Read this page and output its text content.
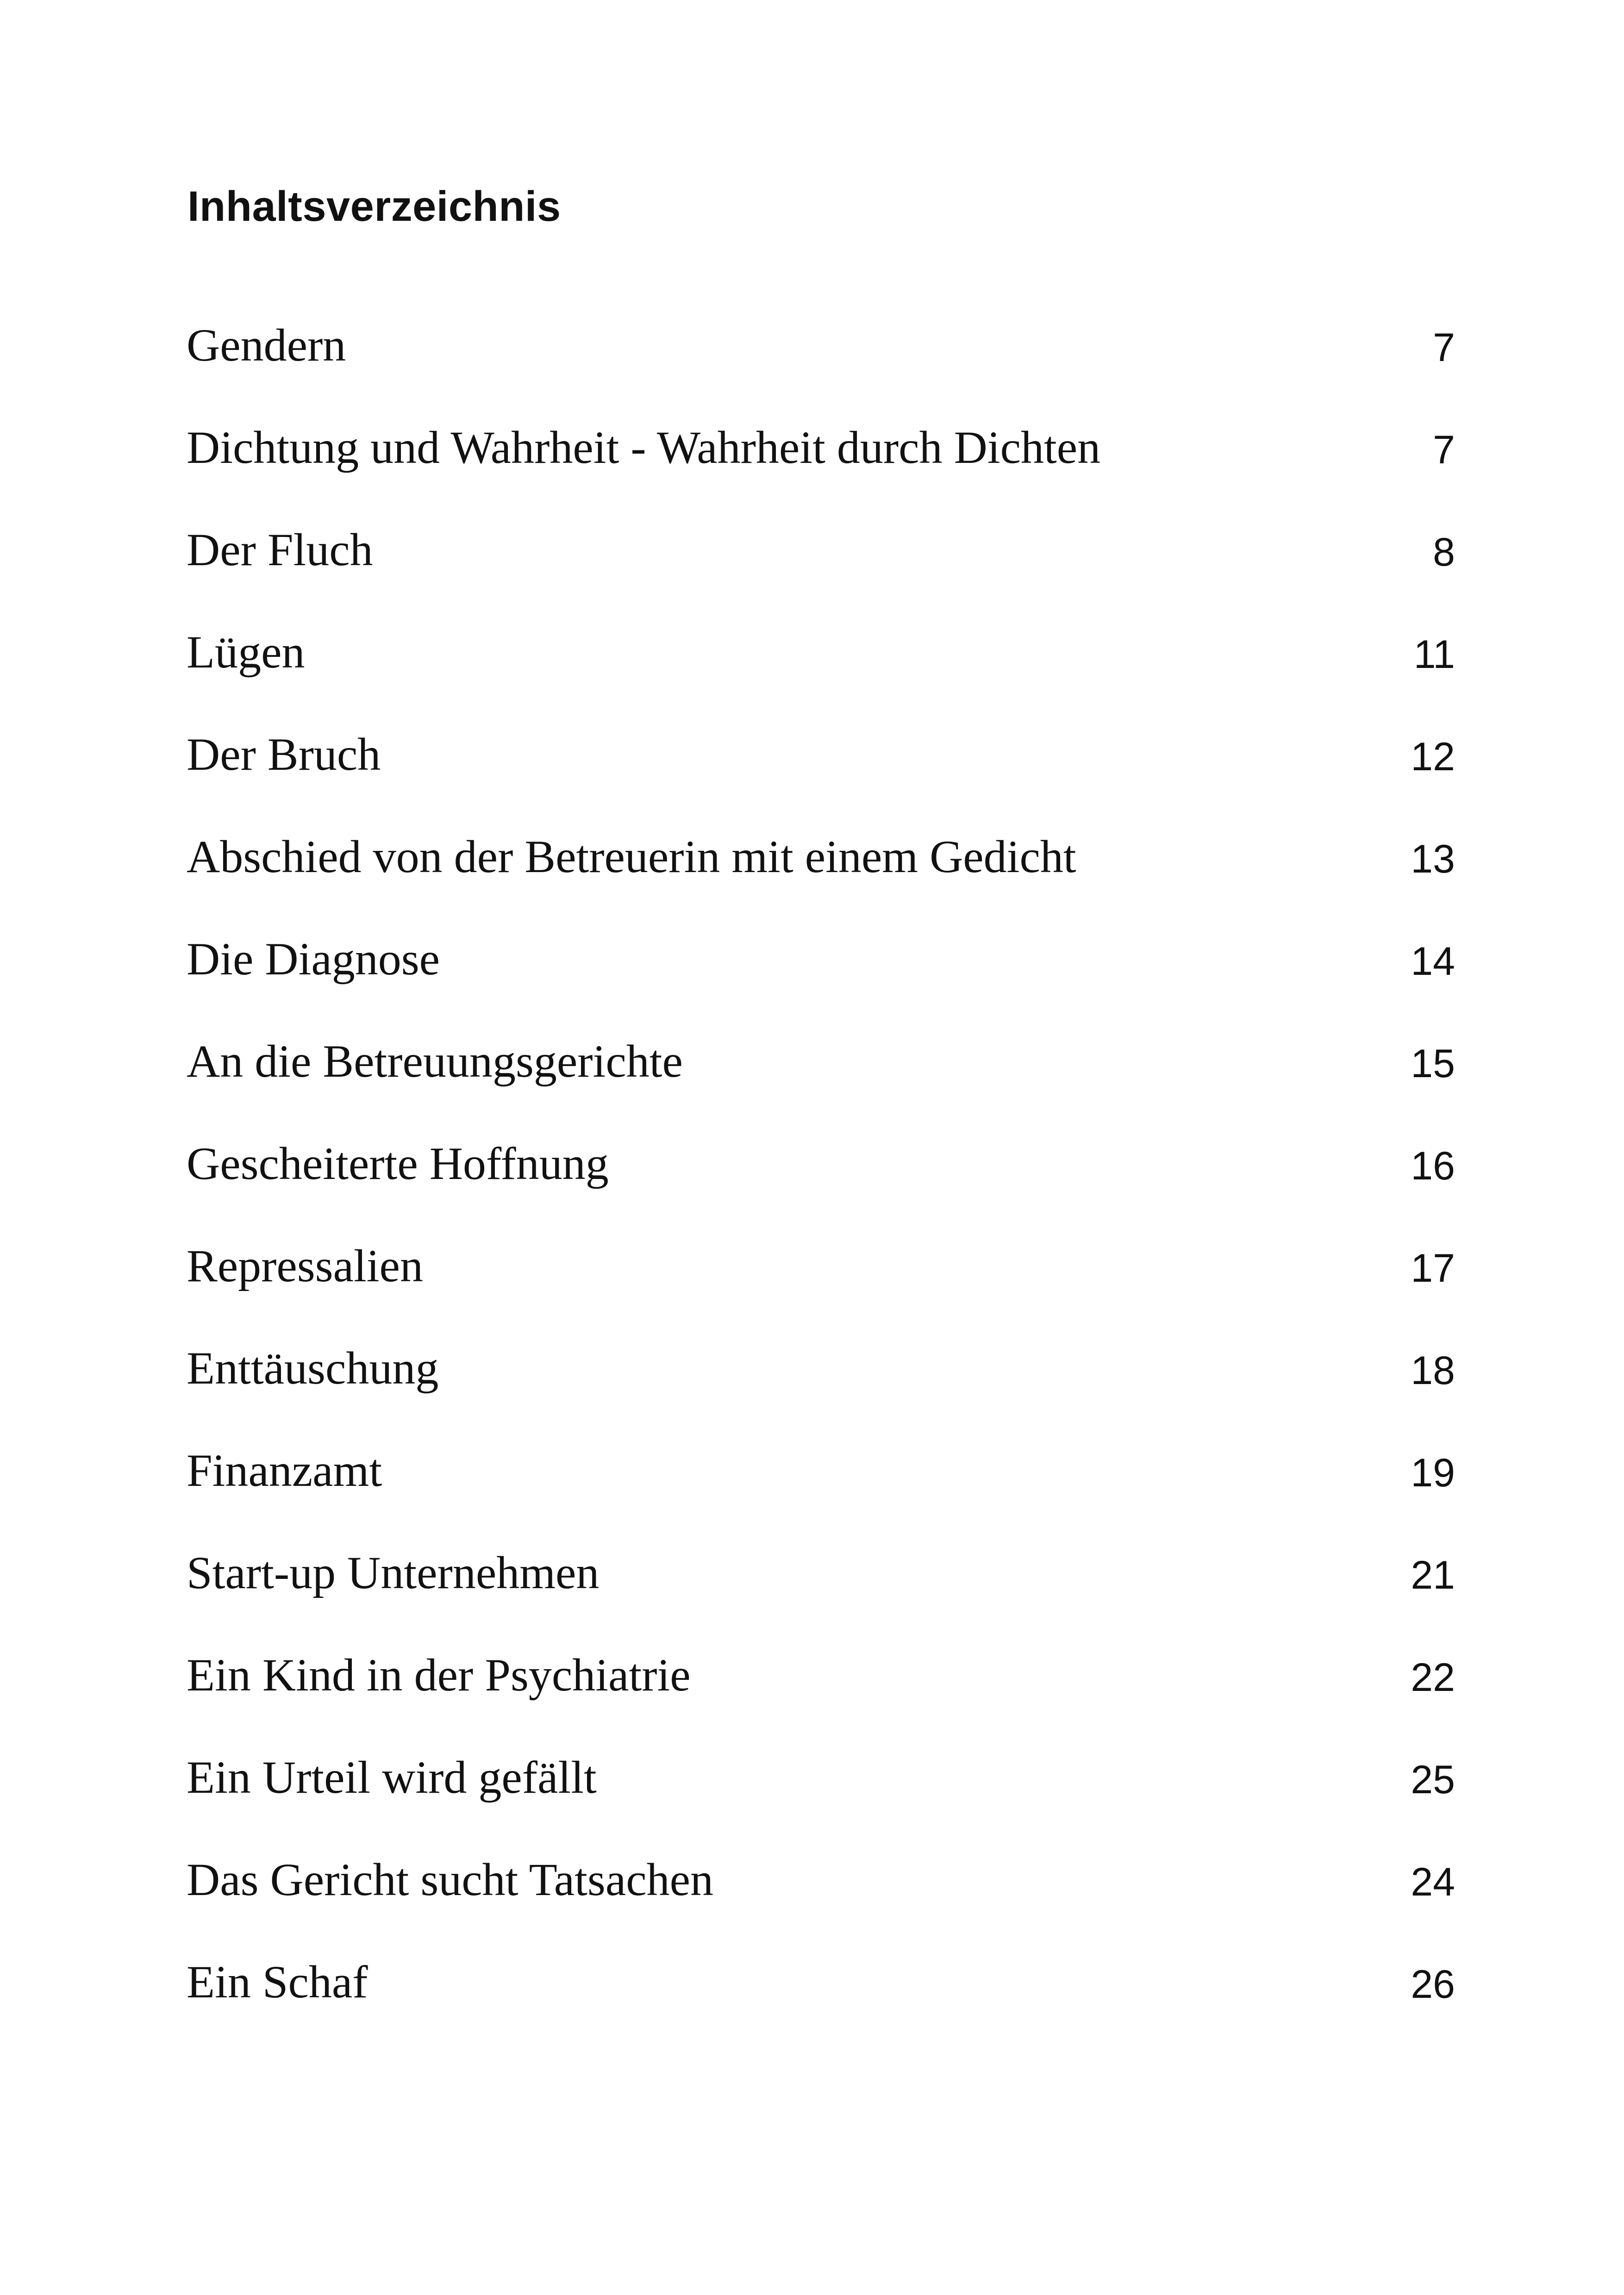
Inhaltsverzeichnis
Gendern	7
Dichtung und Wahrheit - Wahrheit durch Dichten	7
Der Fluch	8
Lügen	11
Der Bruch	12
Abschied von der Betreuerin mit einem Gedicht	13
Die Diagnose	14
An die Betreuungsgerichte	15
Gescheiterte Hoffnung	16
Repressalien	17
Enttäuschung	18
Finanzamt	19
Start-up Unternehmen	21
Ein Kind in der Psychiatrie	22
Ein Urteil wird gefällt	25
Das Gericht sucht Tatsachen	24
Ein Schaf	26
